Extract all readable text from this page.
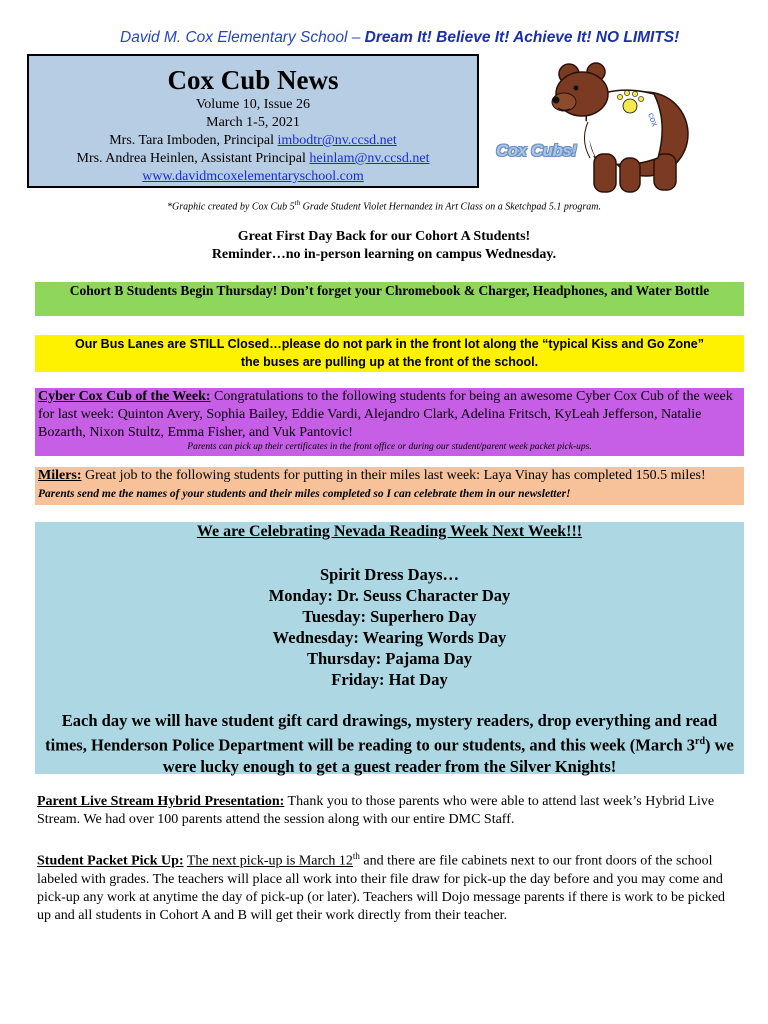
David M. Cox Elementary School – Dream It! Believe It! Achieve It! NO LIMITS!
Cox Cub News
Volume 10, Issue 26
March 1-5, 2021
Mrs. Tara Imboden, Principal imbodtr@nv.ccsd.net
Mrs. Andrea Heinlen, Assistant Principal heinlam@nv.ccsd.net
www.davidmcoxelementaryschool.com
cox
Cox Cubs!
*Graphic created by Cox Cub 5th Grade Student Violet Hernandez in Art Class on a Sketchpad 5.1 program.
Great First Day Back for our Cohort A Students!
Reminder…no in-person learning on campus Wednesday.
Cohort B Students Begin Thursday! Don’t forget your Chromebook & Charger, Headphones, and Water Bottle
Our Bus Lanes are STILL Closed…please do not park in the front lot along the “typical Kiss and Go Zone”
the buses are pulling up at the front of the school.
Cyber Cox Cub of the Week: Congratulations to the following students for being an awesome Cyber Cox Cub of the week for last week: Quinton Avery, Sophia Bailey, Eddie Vardi, Alejandro Clark, Adelina Fritsch, KyLeah Jefferson, Natalie Bozarth, Nixon Stultz, Emma Fisher, and Vuk Pantovic!
Parents can pick up their certificates in the front office or during our student/parent week packet pick-ups.
Milers: Great job to the following students for putting in their miles last week: Laya Vinay has completed 150.5 miles! Parents send me the names of your students and their miles completed so I can celebrate them in our newsletter!
We are Celebrating Nevada Reading Week Next Week!!!
Spirit Dress Days…
Monday: Dr. Seuss Character Day
Tuesday: Superhero Day
Wednesday: Wearing Words Day
Thursday: Pajama Day
Friday: Hat Day
Each day we will have student gift card drawings, mystery readers, drop everything and read times, Henderson Police Department will be reading to our students, and this week (March 3rd) we were lucky enough to get a guest reader from the Silver Knights!
Parent Live Stream Hybrid Presentation: Thank you to those parents who were able to attend last week’s Hybrid Live Stream. We had over 100 parents attend the session along with our entire DMC Staff.
Student Packet Pick Up: The next pick-up is March 12th and there are file cabinets next to our front doors of the school labeled with grades. The teachers will place all work into their file draw for pick-up the day before and you may come and pick-up any work at anytime the day of pick-up (or later). Teachers will Dojo message parents if there is work to be picked up and all students in Cohort A and B will get their work directly from their teacher.
